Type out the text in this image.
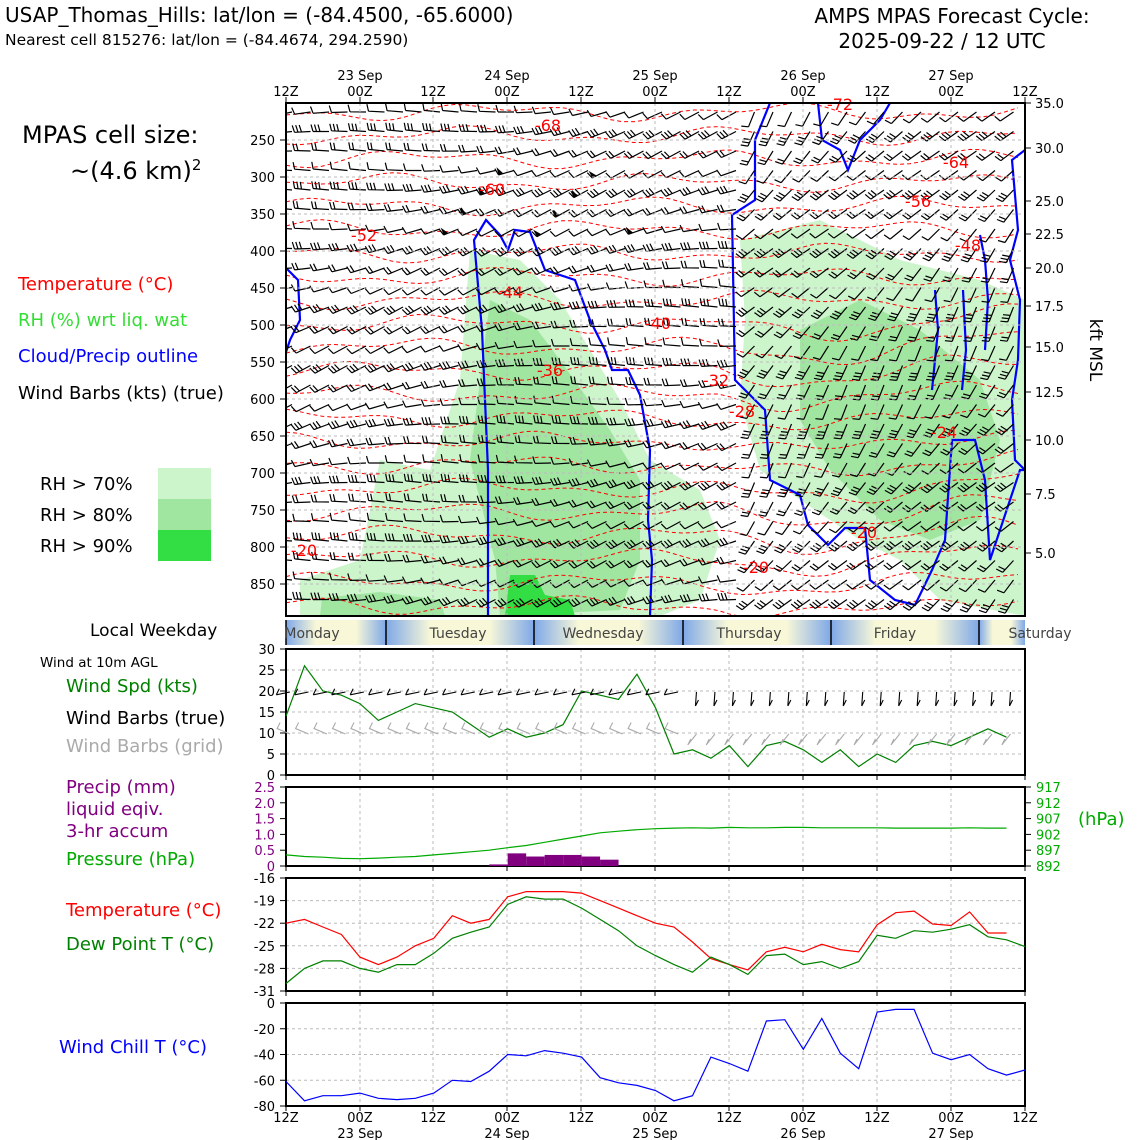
USAP_Thomas_Hills: lat/lon = (-84.4500, -65.6000)
Nearest cell 815276: lat/lon = (-84.4674, 294.2590)
AMPS MPAS Forecast Cycle:
2025-09-22 / 12 UTC
MPAS cell size:
~(4.6 km)$^2$
Temperature (°C)
RH (%) wrt liq. wat
Cloud/Precip outline
Wind Barbs (kts) (true)
RH > 70%
RH > 80%
RH > 90%
Local Weekday
Wind at 10m AGL
Wind Spd (kts)
Wind Barbs (true)
Wind Barbs (grid)
Precip (mm)
liquid eqiv.
3-hr accum
Pressure (hPa)
Temperature (°C)
Dew Point T (°C)
Wind Chill T (°C)
(hPa)
kft MSL
-68
-64
-60
-56
-52
-48
-44
-40
-36
-32
-28
-24
-20
-20
-20
-72
250
300
350
400
450
500
550
600
650
700
750
800
850
35.0
30.0
25.0
22.5
20.0
17.5
15.0
12.5
10.0
7.5
5.0
12Z	00Z	12Z	00Z	12Z	00Z	12Z	00Z	12Z	00Z	12Z
23 Sep	24 Sep	25 Sep	26 Sep	27 Sep
Monday	Tuesday	Wednesday	Thursday	Friday	Saturday
0
5
10
15
20
25
30
0
0.5
1.0
1.5
2.0
2.5
892
897
902
907
912
917
-16
-19
-22
-25
-28
-31
0
-20
-40
-60
-80
12Z	00Z	12Z	00Z	12Z	00Z	12Z	00Z	12Z	00Z	12Z
23 Sep	24 Sep	25 Sep	26 Sep	27 Sep
